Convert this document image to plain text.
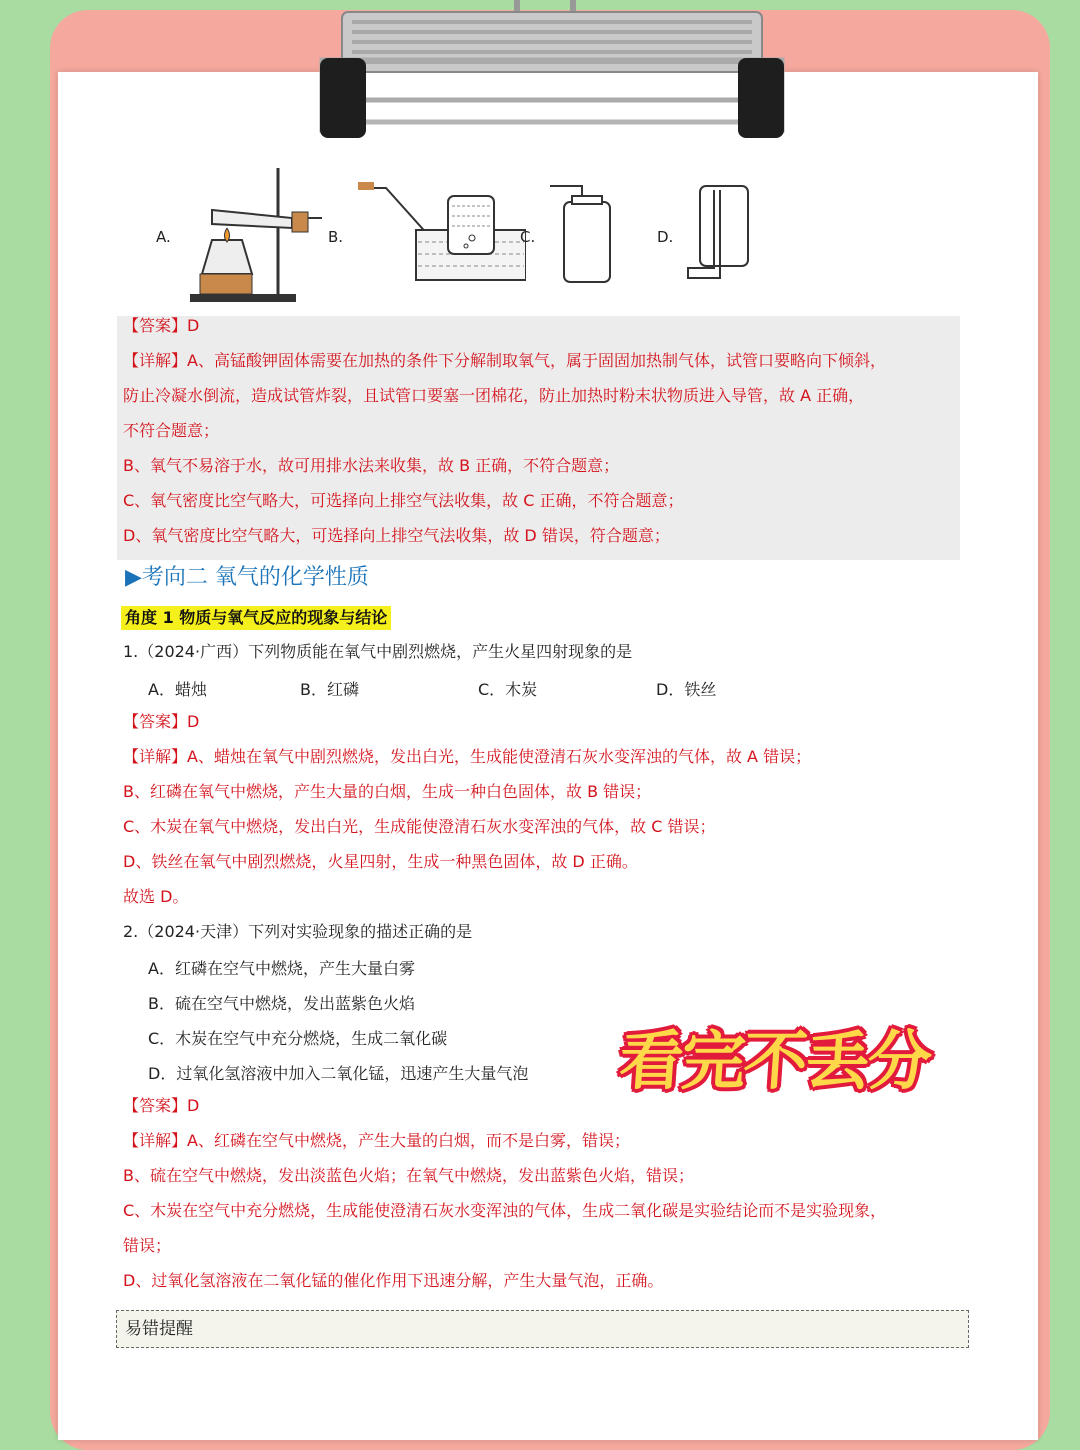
A.	B.	C.	D.
【答案】D
【详解】A、高锰酸钾固体需要在加热的条件下分解制取氧气，属于固固加热制气体，试管口要略向下倾斜，
防止冷凝水倒流，造成试管炸裂，且试管口要塞一团棉花，防止加热时粉末状物质进入导管，故 A 正确，
不符合题意；
B、氧气不易溶于水，故可用排水法来收集，故 B 正确，不符合题意；
C、氧气密度比空气略大，可选择向上排空气法收集，故 C 正确，不符合题意；
D、氧气密度比空气略大，可选择向上排空气法收集，故 D 错误，符合题意；
▶考向二 氧气的化学性质
角度 1 物质与氧气反应的现象与结论
1.（2024·广西）下列物质能在氧气中剧烈燃烧，产生火星四射现象的是
A．蜡烛	B．红磷	C．木炭	D．铁丝
【答案】D
【详解】A、蜡烛在氧气中剧烈燃烧，发出白光，生成能使澄清石灰水变浑浊的气体，故 A 错误；
B、红磷在氧气中燃烧，产生大量的白烟，生成一种白色固体，故 B 错误；
C、木炭在氧气中燃烧，发出白光，生成能使澄清石灰水变浑浊的气体，故 C 错误；
D、铁丝在氧气中剧烈燃烧，火星四射，生成一种黑色固体，故 D 正确。
故选 D。
2.（2024·天津）下列对实验现象的描述正确的是
A．红磷在空气中燃烧，产生大量白雾
B．硫在空气中燃烧，发出蓝紫色火焰
C．木炭在空气中充分燃烧，生成二氧化碳
D．过氧化氢溶液中加入二氧化锰，迅速产生大量气泡
【答案】D
【详解】A、红磷在空气中燃烧，产生大量的白烟，而不是白雾，错误；
B、硫在空气中燃烧，发出淡蓝色火焰；在氧气中燃烧，发出蓝紫色火焰，错误；
C、木炭在空气中充分燃烧，生成能使澄清石灰水变浑浊的气体，生成二氧化碳是实验结论而不是实验现象，
错误；
D、过氧化氢溶液在二氧化锰的催化作用下迅速分解，产生大量气泡，正确。
看完不丢分
易错提醒
